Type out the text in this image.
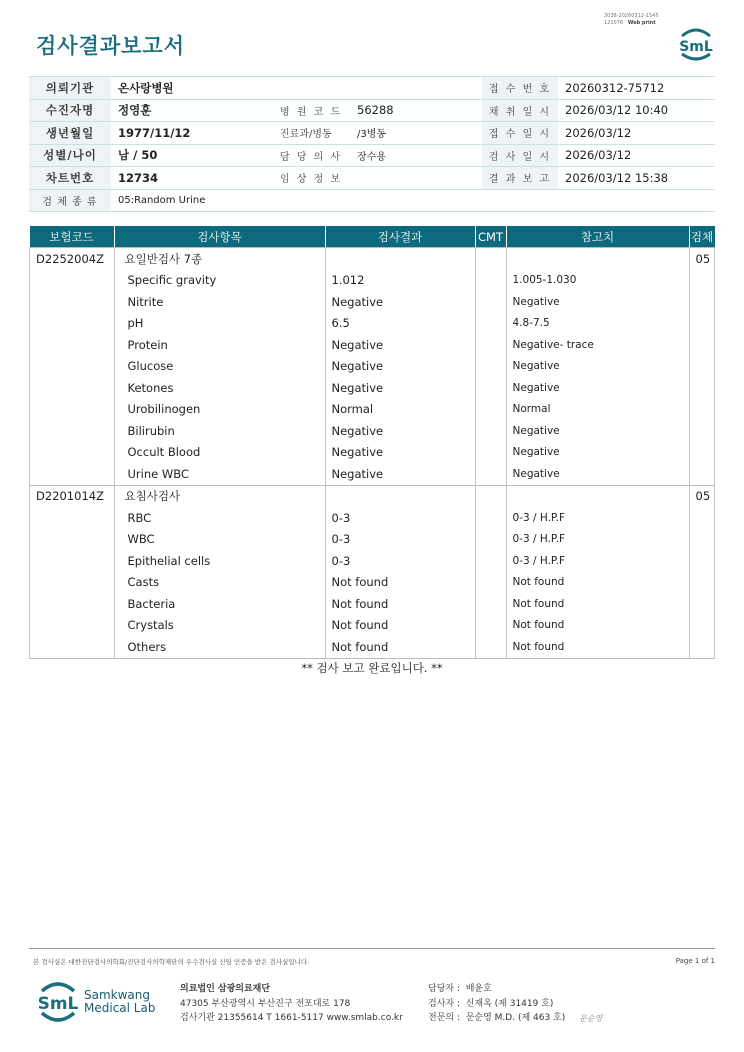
검사결과보고서
3038-20260312-1545
121076 Web print
SmL
의뢰기관	온사랑병원			접 수 번 호	20260312-75712
수진자명	정영훈	병 원 코 드	56288	채 취 일 시	2026/03/12 10:40
생년월일	1977/11/12	진료과/병동	/3병동	접 수 일 시	2026/03/12
성별/나이	남 / 50	담 당 의 사	장수용	검 사 일 시	2026/03/12
차트번호	12734	임 상 정 보		결 과 보 고	2026/03/12 15:38
검 체 종 류	05:Random Urine				
보험코드	검사항목	검사결과	CMT	참고치	검체
D2252004Z	요일반검사 7종				05
	Specific gravity	1.012		1.005-1.030	
	Nitrite	Negative		Negative	
	pH	6.5		4.8-7.5	
	Protein	Negative		Negative- trace	
	Glucose	Negative		Negative	
	Ketones	Negative		Negative	
	Urobilinogen	Normal		Normal	
	Bilirubin	Negative		Negative	
	Occult Blood	Negative		Negative	
	Urine WBC	Negative		Negative	
D2201014Z	요침사검사				05
	RBC	0-3		0-3 / H.P.F	
	WBC	0-3		0-3 / H.P.F	
	Epithelial cells	0-3		0-3 / H.P.F	
	Casts	Not found		Not found	
	Bacteria	Not found		Not found	
	Crystals	Not found		Not found	
	Others	Not found		Not found	
** 검사 보고 완료입니다. **
본 검사실은 대한진단검사의학회/진단검사의학재단의 우수검사실 신임 인증을 받은 검사실입니다.	Page 1 of 1
SmL Samkwang
Medical Lab
의료법인 삼광의료재단
47305 부산광역시 부산진구 전포대로 178
검사기관 21355614 T 1661-5117 www.smlab.co.kr
담당자 : 배윤호
검사자 : 신재옥 (제 31419 호)
전문의 : 문순영 M.D. (제 463 호) 문순영
